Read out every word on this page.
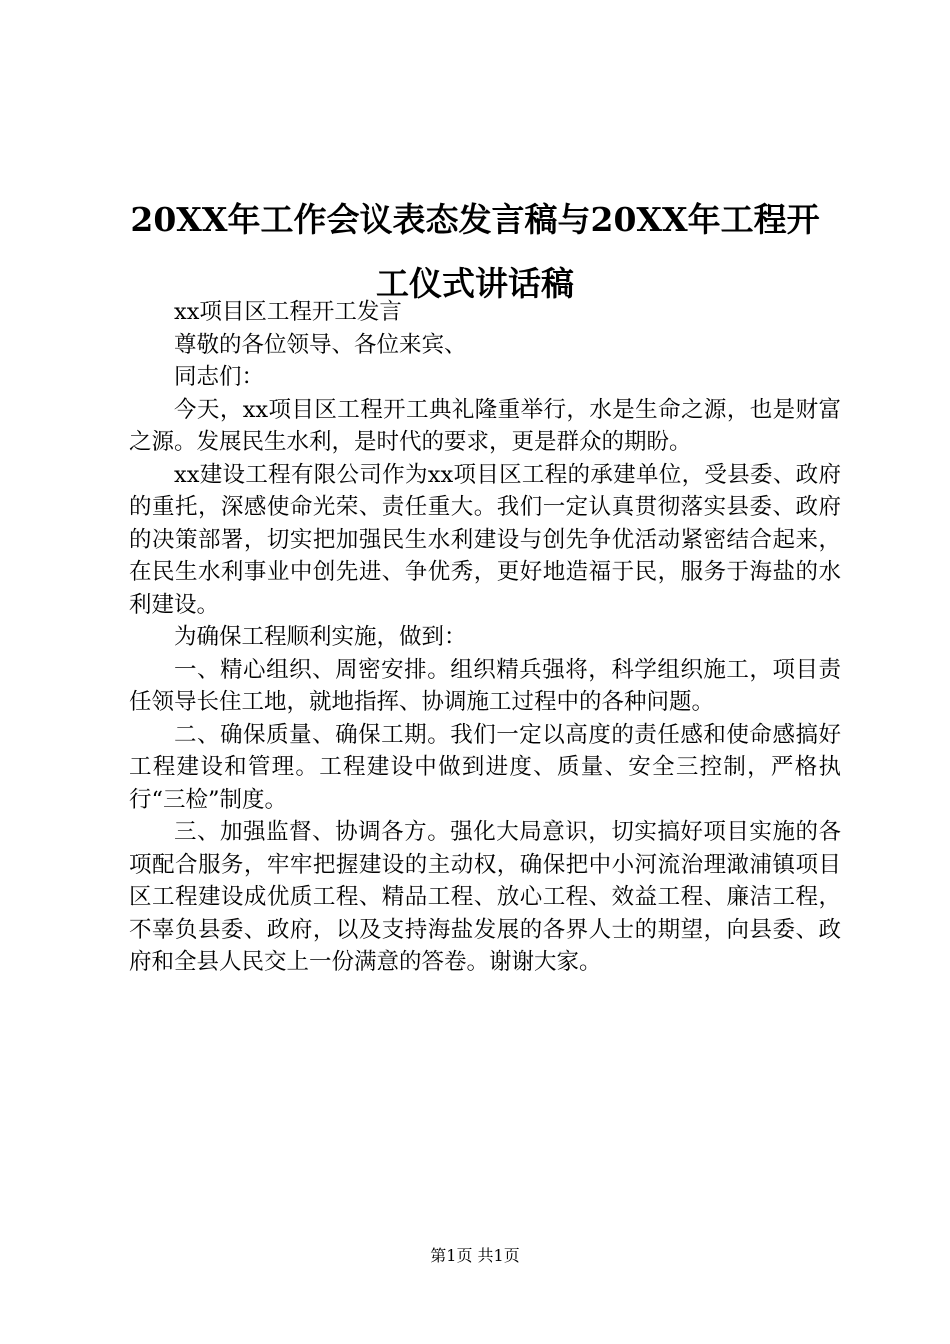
20XX年工作会议表态发言稿与20XX年工程开
工仪式讲话稿

xx项目区工程开工发言

尊敬的各位领导、各位来宾、

同志们：

今天，xx项目区工程开工典礼隆重举行，水是生命之源，也是财富之源。发展民生水利，是时代的要求，更是群众的期盼。

xx建设工程有限公司作为xx项目区工程的承建单位，受县委、政府的重托，深感使命光荣、责任重大。我们一定认真贯彻落实县委、政府的决策部署，切实把加强民生水利建设与创先争优活动紧密结合起来，在民生水利事业中创先进、争优秀，更好地造福于民，服务于海盐的水利建设。

为确保工程顺利实施，做到：

一、精心组织、周密安排。组织精兵强将，科学组织施工，项目责任领导长住工地，就地指挥、协调施工过程中的各种问题。

二、确保质量、确保工期。我们一定以高度的责任感和使命感搞好工程建设和管理。工程建设中做到进度、质量、安全三控制，严格执行“三检”制度。

三、加强监督、协调各方。强化大局意识，切实搞好项目实施的各项配合服务，牢牢把握建设的主动权，确保把中小河流治理澉浦镇项目区工程建设成优质工程、精品工程、放心工程、效益工程、廉洁工程，不辜负县委、政府，以及支持海盐发展的各界人士的期望，向县委、政府和全县人民交上一份满意的答卷。谢谢大家。

第1页 共1页
